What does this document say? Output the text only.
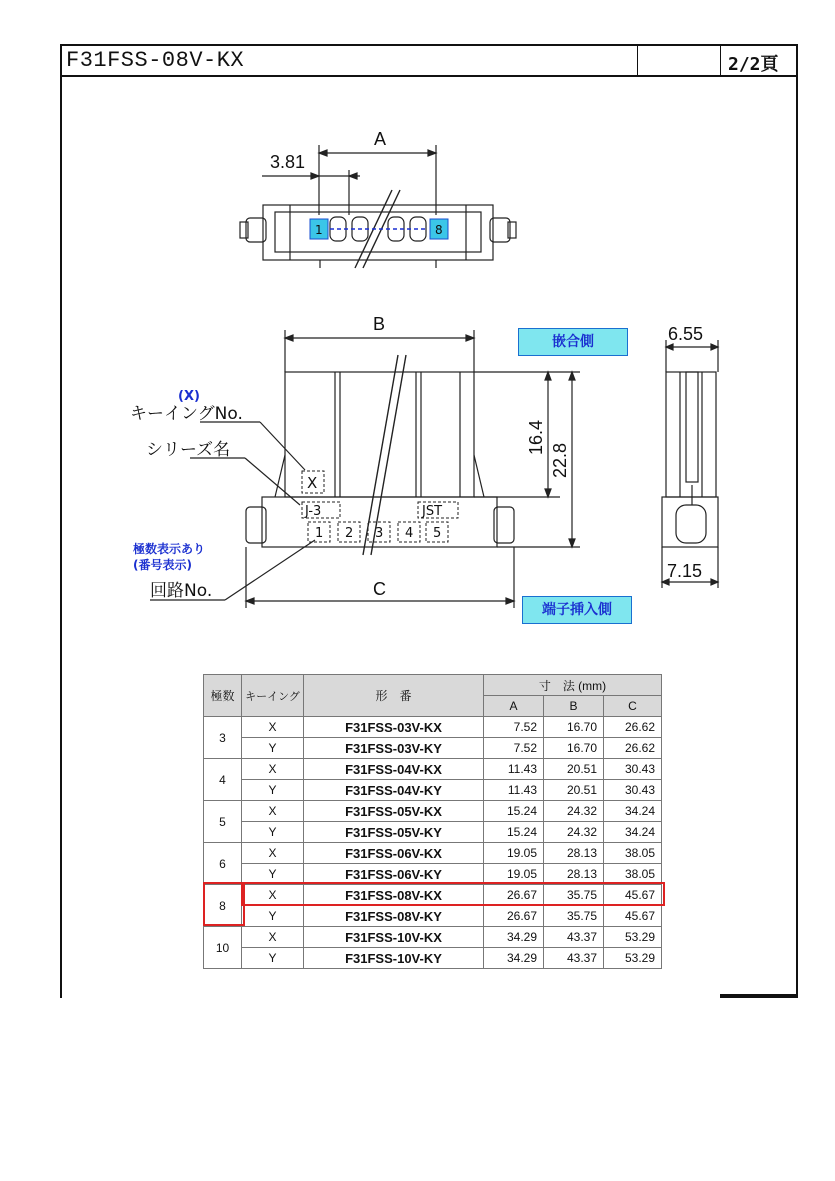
F31FSS-08V-KX	2/2頁
A
3.81
1	8
B
C
16.4
22.8
X
J-3	JST
1 2 3 4 5
(X)
キーイングNo.
シリーズ名
極数表示あり
(番号表示)
回路No.
6.55
7.15
嵌合側
端子挿入側
極数	キーイング	形　番	寸　法 (mm)		
			A	B	C
3	X	F31FSS-03V-KX	7.52	16.70	26.62
	Y	F31FSS-03V-KY	7.52	16.70	26.62
4	X	F31FSS-04V-KX	11.43	20.51	30.43
	Y	F31FSS-04V-KY	11.43	20.51	30.43
5	X	F31FSS-05V-KX	15.24	24.32	34.24
	Y	F31FSS-05V-KY	15.24	24.32	34.24
6	X	F31FSS-06V-KX	19.05	28.13	38.05
	Y	F31FSS-06V-KY	19.05	28.13	38.05
8	X	F31FSS-08V-KX	26.67	35.75	45.67
	Y	F31FSS-08V-KY	26.67	35.75	45.67
10	X	F31FSS-10V-KX	34.29	43.37	53.29
	Y	F31FSS-10V-KY	34.29	43.37	53.29
